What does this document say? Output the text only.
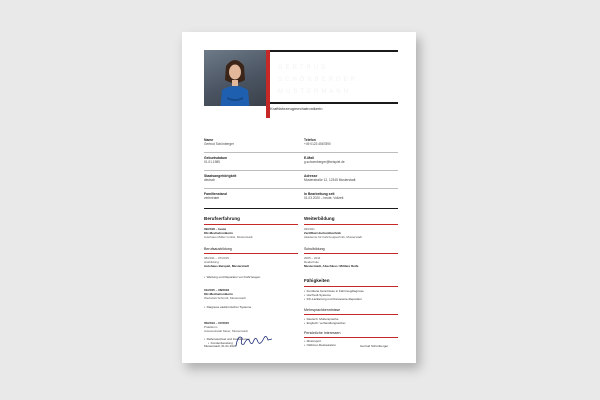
GERTRUD
SCHÖNBERGER
MUSTERMANN
Kraftfahrzeugmechatronikerin
Name
Gertrud Schönberger
Telefon
+49 0123 4567890
Geburtsdatum
01.01.1985
E-Mail
g.schoenberger@beispiel.de
Staatsangehörigkeit
deutsch
Adresse
Musterstraße 12, 12345 Musterstadt
Familienstand
verheiratet
In Bearbeitung seit
01.03.2020 – heute, Vollzeit
Berufserfahrung
09/2018 – heute
Kfz-Mechatronikerin
Autohaus Müller GmbH, Musterstadt
Berufsausbildung
08/2011 – 07/2015
Ausbildung
Autohaus Beispiel, Musterstadt
• Wartung und Reparatur von Fahrzeugen
01/2015 – 08/2018
Kfz-Mechatronikerin
Werkstatt Schmidt, Musterstadt
• Diagnose elektronischer Systeme
05/2013 – 07/2015
Praktikum
Autowerkstatt Meier, Musterstadt
• Reifenwechsel und Inspektionen
• Kundenberatung
Weiterbildung
09/2021
Zertifikat Hochvolttechnik
Akademie für Fahrzeugtechnik, Musterstadt
Schulbildung
2005 – 2011
Realschule
Musterstadt, Abschluss: Mittlere Reife
Fähigkeiten
• Fundierte Kenntnisse in Fahrzeugdiagnose
• Hochvolt-Systeme
• Kfz-Lackierung und Karosserie-Reparatur
Mehrsprachkenntnisse
• Deutsch: Muttersprache
• Englisch: verhandlungssicher
Persönliche Interessen
• Motorsport
• Oldtimer-Restauration
Musterstadt, 01.01.2024	Gertrud Schönberger
